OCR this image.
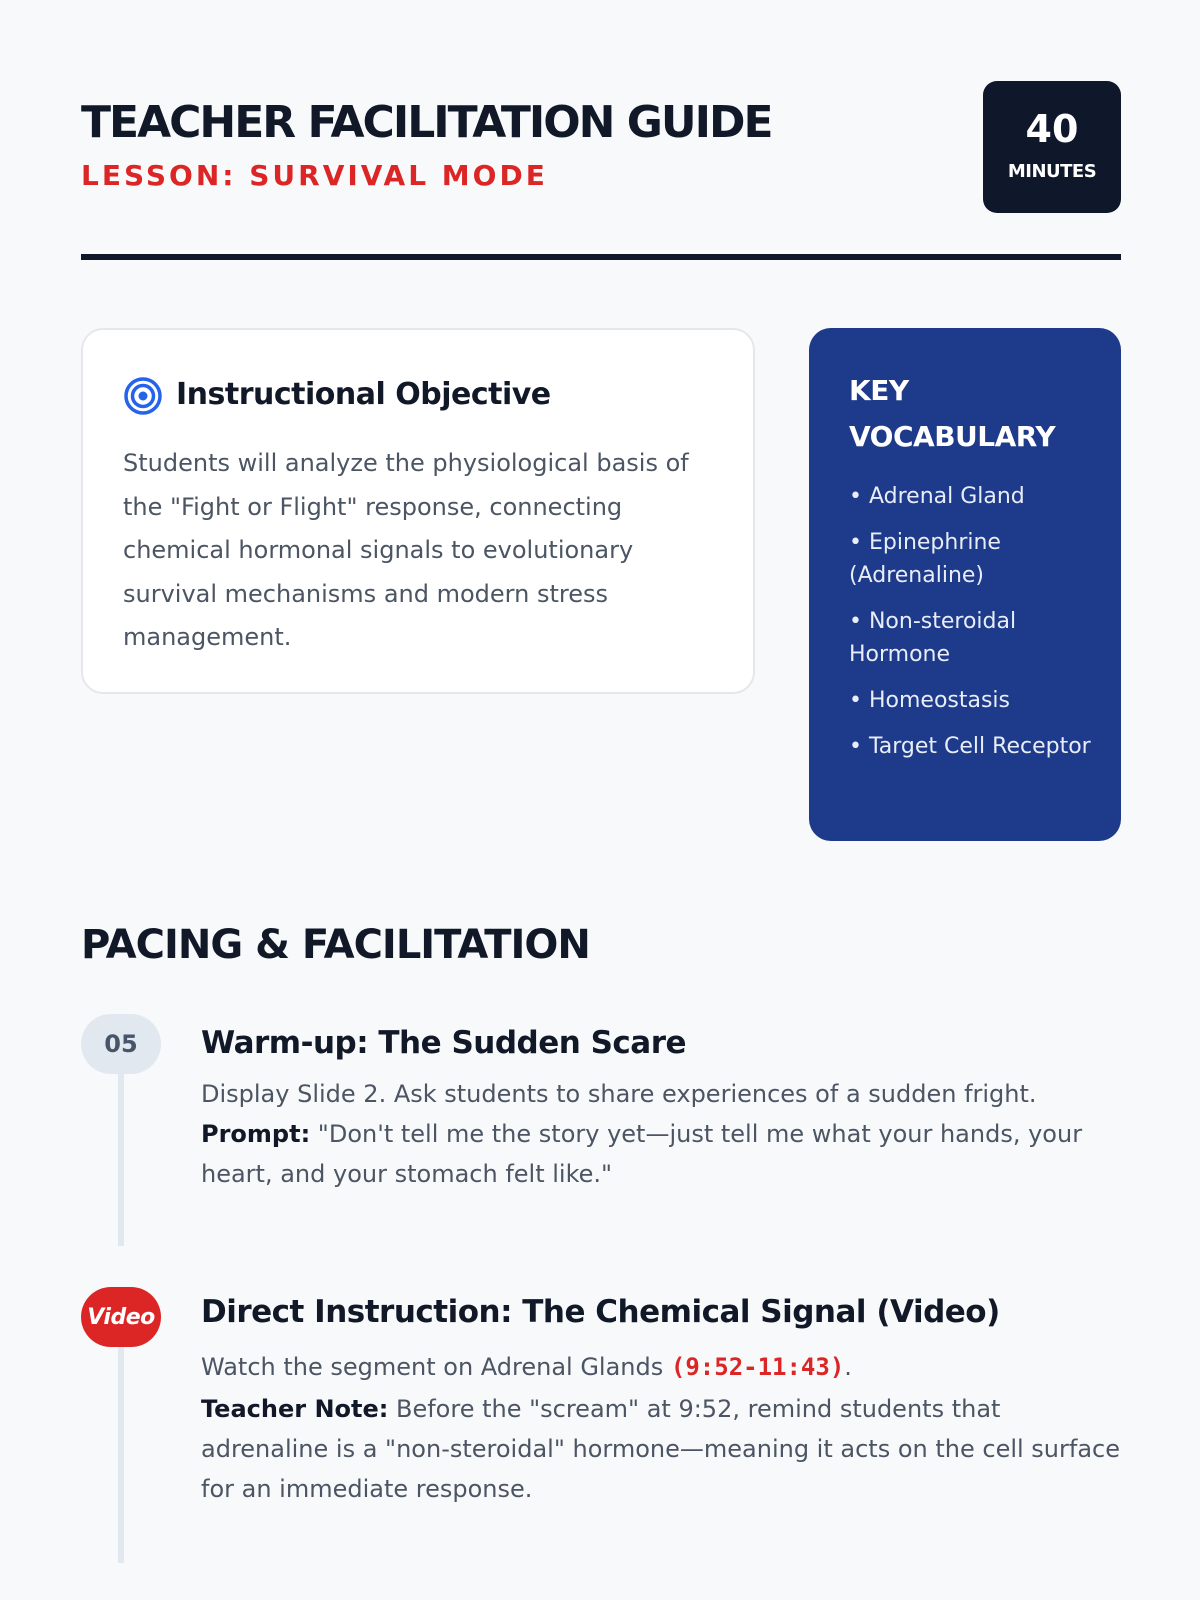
TEACHER FACILITATION GUIDE
LESSON: SURVIVAL MODE
40
MINUTES
Instructional Objective
Students will analyze the physiological basis of the "Fight or Flight" response, connecting chemical hormonal signals to evolutionary survival mechanisms and modern stress management.
KEY VOCABULARY
• Adrenal Gland
• Epinephrine (Adrenaline)
• Non-steroidal Hormone
• Homeostasis
• Target Cell Receptor
PACING & FACILITATION
05	Warm-up: The Sudden Scare
Display Slide 2. Ask students to share experiences of a sudden fright.
Prompt: "Don't tell me the story yet—just tell me what your hands, your heart, and your stomach felt like."
Video Direct Instruction: The Chemical Signal (Video)
Watch the segment on Adrenal Glands (9:52-11:43).
Teacher Note: Before the "scream" at 9:52, remind students that adrenaline is a "non-steroidal" hormone—meaning it acts on the cell surface for an immediate response.
